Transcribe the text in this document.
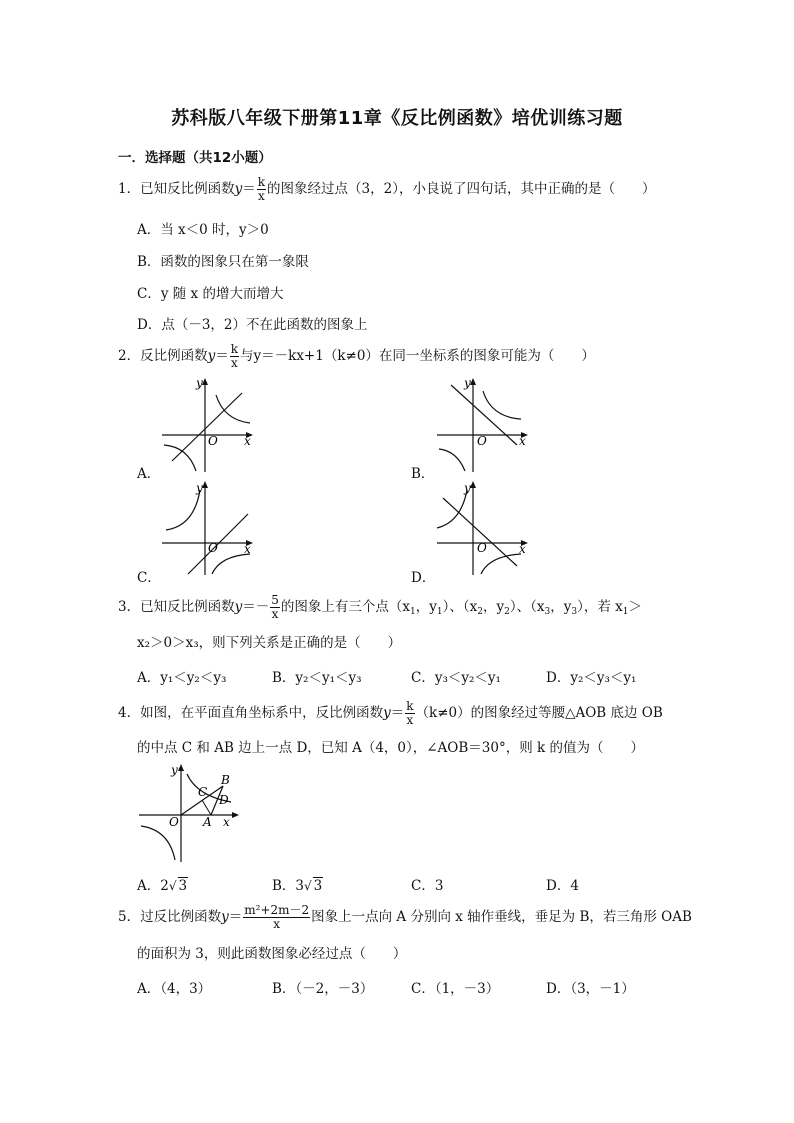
苏科版八年级下册第11章《反比例函数》培优训练习题
一．选择题（共12小题）
1．已知反比例函数$y= \frac{k}{x}$ 的图象经过点（3，2），小良说了四句话，其中正确的是（　　）
A．当 x＜0 时，y＞0
B．函数的图象只在第一象限
C．y 随 x 的增大而增大
D．点（－3，2）不在此函数的图象上
2．反比例函数$y= \frac{k}{x}$ 与y＝－kx+1（k≠0）在同一坐标系的图象可能为（　　）
y
x
O
A．
y
x
O
B．
y
x
O
C．
y
x
O
D．
3．已知反比例函数$y=- \frac{5}{x}$ 的图象上有三个点（$x_1$，$y_1$）、（$x_2$，$y_2$）、（$x_3$，$y_3$），若 $x_1>$
x₂＞0＞x₃，则下列关系是正确的是（　　）
A．y₁＜y₂＜y₃	B．y₂＜y₁＜y₃	C．y₃＜y₂＜y₁	D．y₂＜y₃＜y₁
4．如图，在平面直角坐标系中，反比例函数$y= \frac{k}{x} (k\ne 0)$的图象经过等腰△AOB 底边 OB
的中点 C 和 AB 边上一点 D，已知 A（4，0），∠AOB＝30°，则 k 的值为（　　）
y
x
O A
B
C
D
A．2√ 3	B．3√ 3	C．3	D．4
5．过反比例函数$y= \frac{\text{m²+2m－2}}{x}$ 图象上一点向 A 分别向 x 轴作垂线，垂足为 B，若三角形 OAB
的面积为 3，则此函数图象必经过点（　　）
A．（4，3）	B．（－2，－3）	C．（1，－3）	D．（3，－1）
